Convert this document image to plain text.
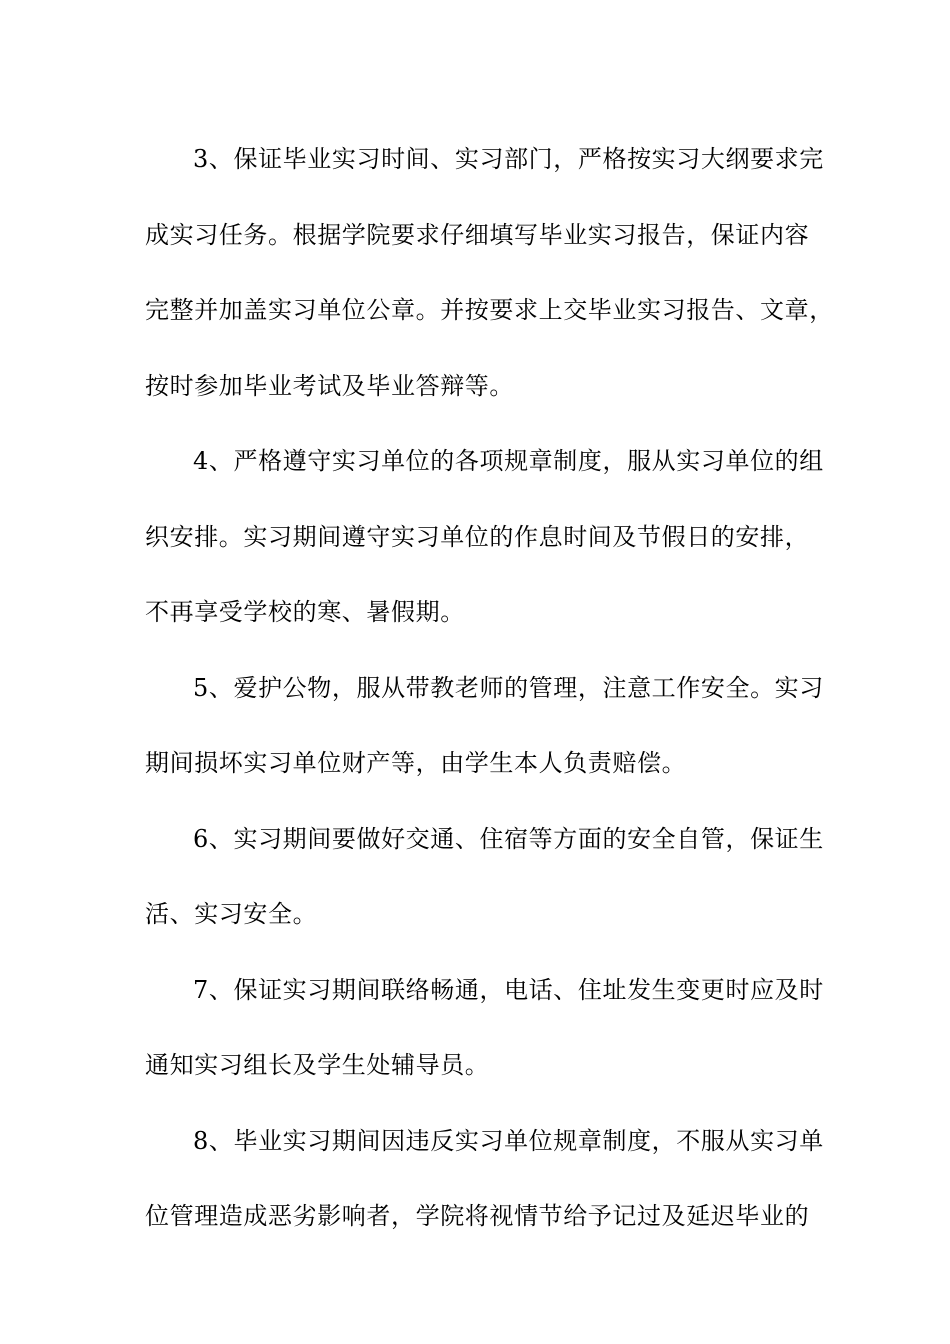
3、保证毕业实习时间、实习部门，严格按实习大纲要求完
成实习任务。根据学院要求仔细填写毕业实习报告，保证内容
完整并加盖实习单位公章。并按要求上交毕业实习报告、文章，
按时参加毕业考试及毕业答辩等。
4、严格遵守实习单位的各项规章制度，服从实习单位的组
织安排。实习期间遵守实习单位的作息时间及节假日的安排，
不再享受学校的寒、暑假期。
5、爱护公物，服从带教老师的管理，注意工作安全。实习
期间损坏实习单位财产等，由学生本人负责赔偿。
6、实习期间要做好交通、住宿等方面的安全自管，保证生
活、实习安全。
7、保证实习期间联络畅通，电话、住址发生变更时应及时
通知实习组长及学生处辅导员。
8、毕业实习期间因违反实习单位规章制度，不服从实习单
位管理造成恶劣影响者，学院将视情节给予记过及延迟毕业的
